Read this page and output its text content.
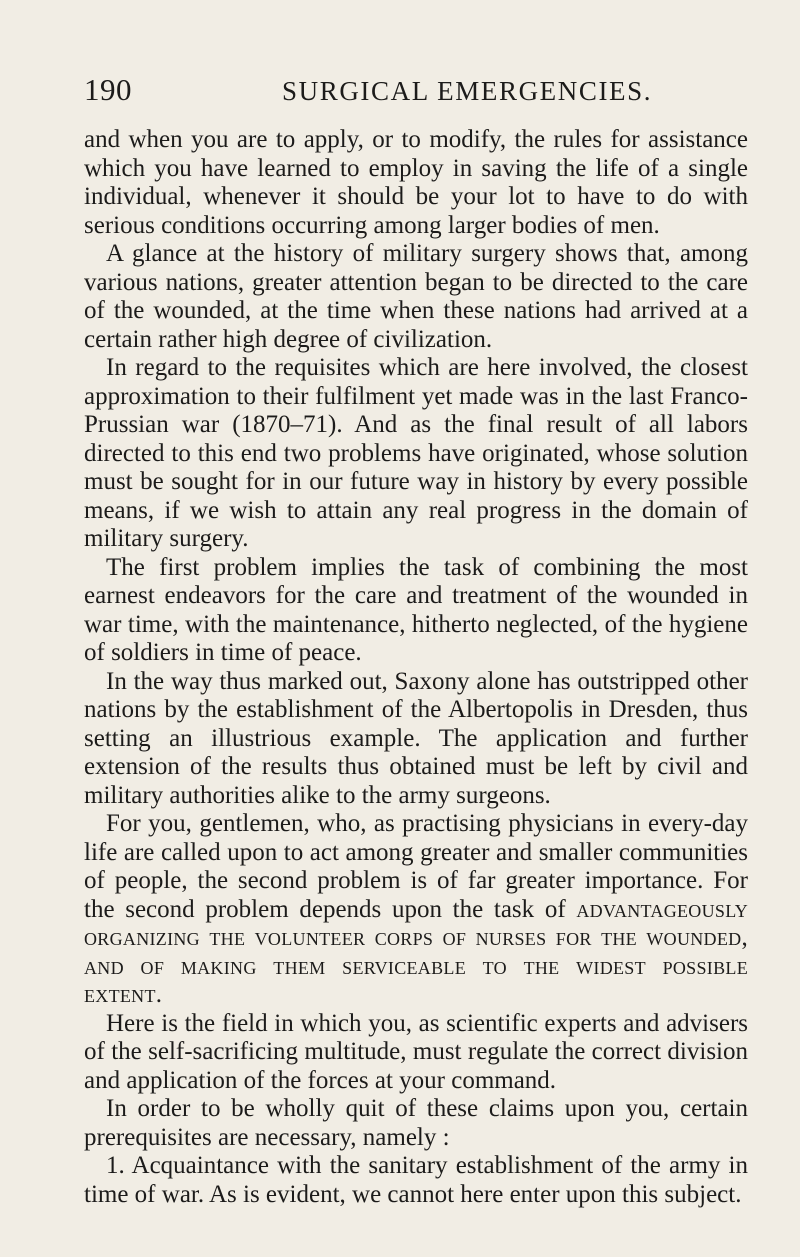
190	SURGICAL EMERGENCIES.

and when you are to apply, or to modify, the rules for assistance which you have learned to employ in saving the life of a single individual, whenever it should be your lot to have to do with serious conditions occurring among larger bodies of men.

A glance at the history of military surgery shows that, among various nations, greater attention began to be directed to the care of the wounded, at the time when these nations had arrived at a certain rather high degree of civilization.

In regard to the requisites which are here involved, the closest approximation to their fulfilment yet made was in the last Franco-Prussian war (1870–71). And as the final result of all labors directed to this end two problems have originated, whose solution must be sought for in our future way in history by every possible means, if we wish to attain any real progress in the domain of military surgery.

The first problem implies the task of combining the most earnest endeavors for the care and treatment of the wounded in war time, with the maintenance, hitherto neglected, of the hygiene of soldiers in time of peace.

In the way thus marked out, Saxony alone has outstripped other nations by the establishment of the Albertopolis in Dresden, thus setting an illustrious example. The application and further extension of the results thus obtained must be left by civil and military authorities alike to the army surgeons.

For you, gentlemen, who, as practising physicians in every-day life are called upon to act among greater and smaller communities of people, the second problem is of far greater importance. For the second problem depends upon the task of advantageously organizing the volunteer corps of nurses for the wounded, and of making them serviceable to the widest possible extent.

Here is the field in which you, as scientific experts and advisers of the self-sacrificing multitude, must regulate the correct division and application of the forces at your command.

In order to be wholly quit of these claims upon you, certain prerequisites are necessary, namely :

1. Acquaintance with the sanitary establishment of the army in time of war. As is evident, we cannot here enter upon this subject.
